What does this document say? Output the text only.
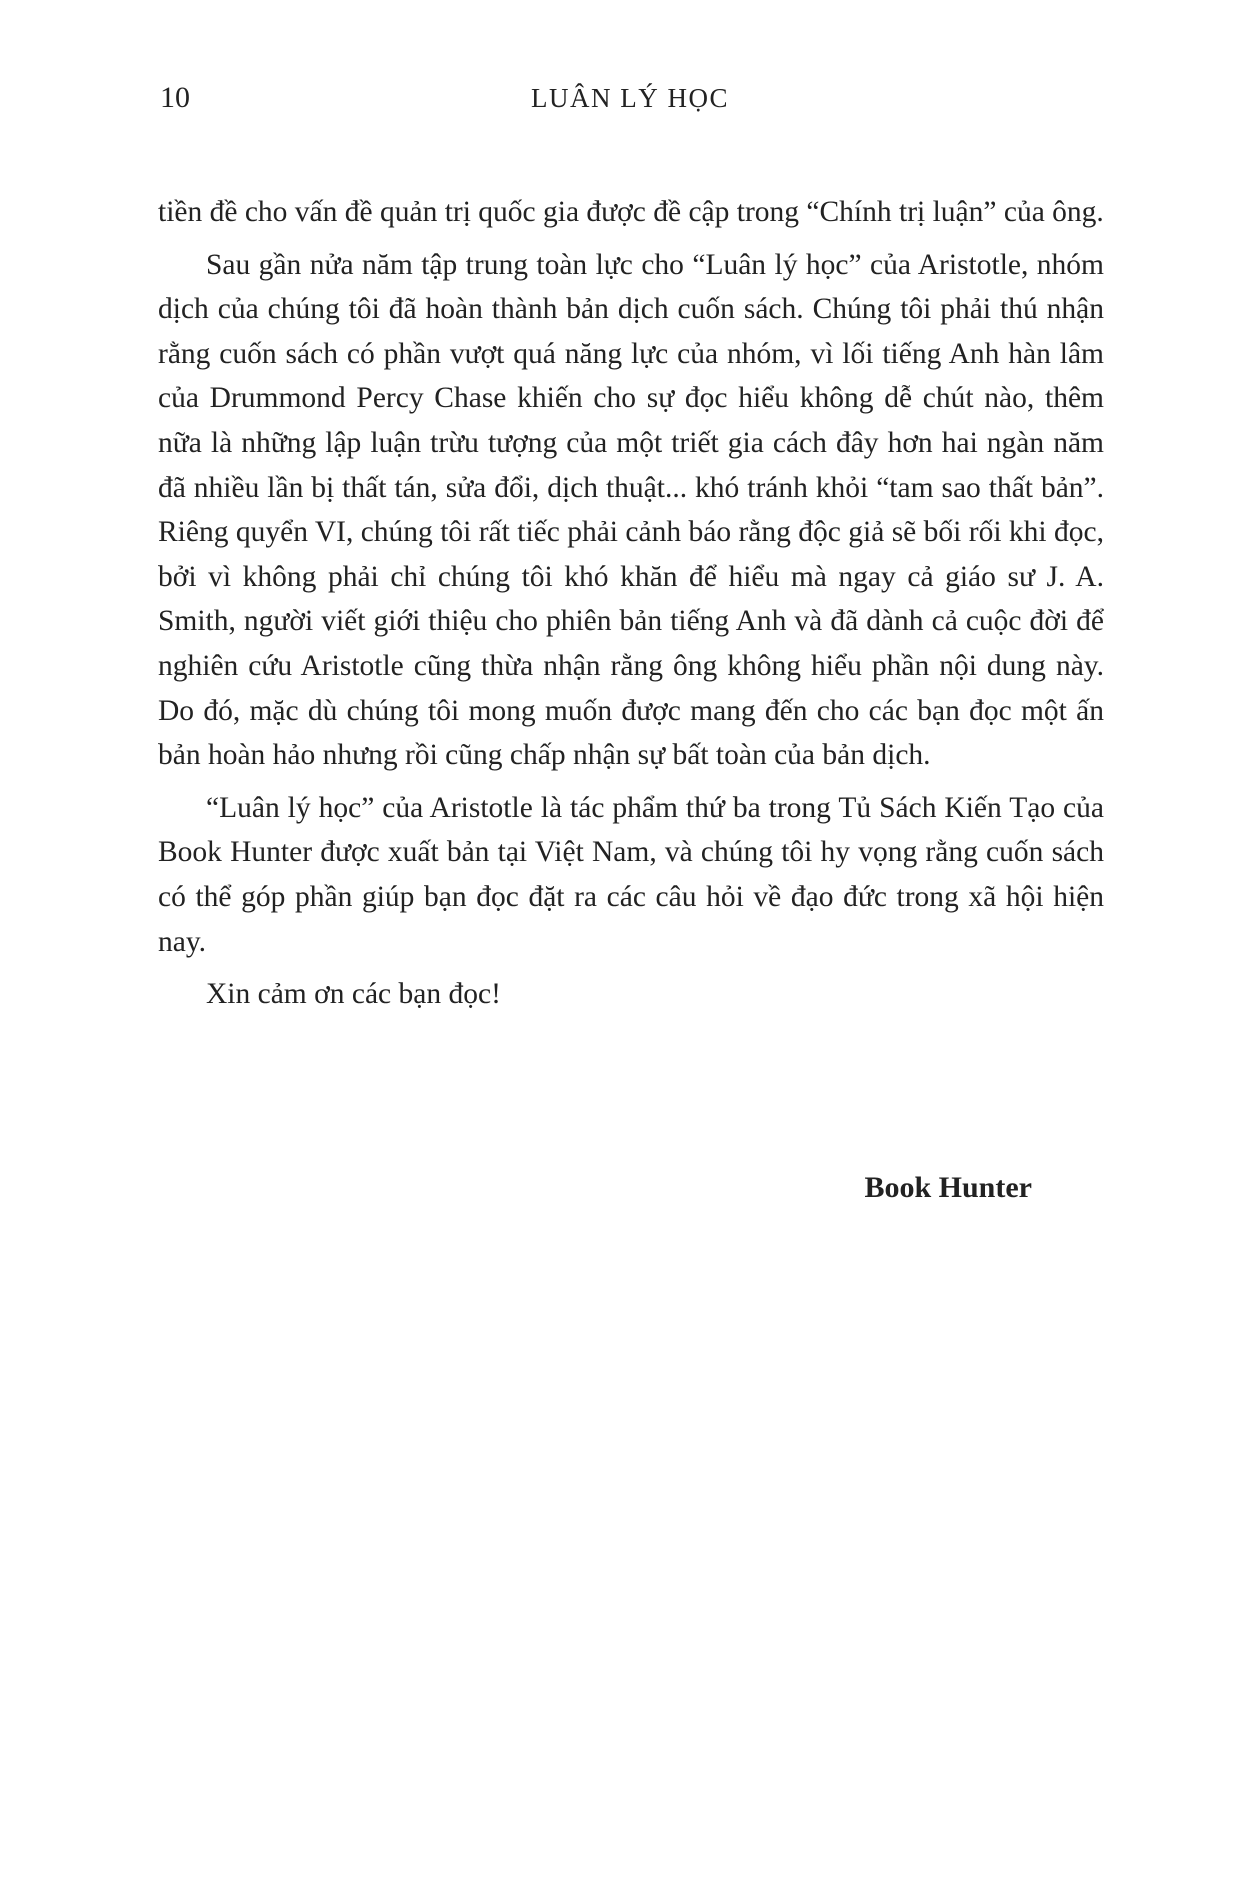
10	LUÂN LÝ HỌC

tiền đề cho vấn đề quản trị quốc gia được đề cập trong “Chính trị luận” của ông.

Sau gần nửa năm tập trung toàn lực cho “Luân lý học” của Aristotle, nhóm dịch của chúng tôi đã hoàn thành bản dịch cuốn sách. Chúng tôi phải thú nhận rằng cuốn sách có phần vượt quá năng lực của nhóm, vì lối tiếng Anh hàn lâm của Drummond Percy Chase khiến cho sự đọc hiểu không dễ chút nào, thêm nữa là những lập luận trừu tượng của một triết gia cách đây hơn hai ngàn năm đã nhiều lần bị thất tán, sửa đổi, dịch thuật... khó tránh khỏi “tam sao thất bản”. Riêng quyển VI, chúng tôi rất tiếc phải cảnh báo rằng độc giả sẽ bối rối khi đọc, bởi vì không phải chỉ chúng tôi khó khăn để hiểu mà ngay cả giáo sư J. A. Smith, người viết giới thiệu cho phiên bản tiếng Anh và đã dành cả cuộc đời để nghiên cứu Aristotle cũng thừa nhận rằng ông không hiểu phần nội dung này. Do đó, mặc dù chúng tôi mong muốn được mang đến cho các bạn đọc một ấn bản hoàn hảo nhưng rồi cũng chấp nhận sự bất toàn của bản dịch.

“Luân lý học” của Aristotle là tác phẩm thứ ba trong Tủ Sách Kiến Tạo của Book Hunter được xuất bản tại Việt Nam, và chúng tôi hy vọng rằng cuốn sách có thể góp phần giúp bạn đọc đặt ra các câu hỏi về đạo đức trong xã hội hiện nay.

Xin cảm ơn các bạn đọc!

Book Hunter
